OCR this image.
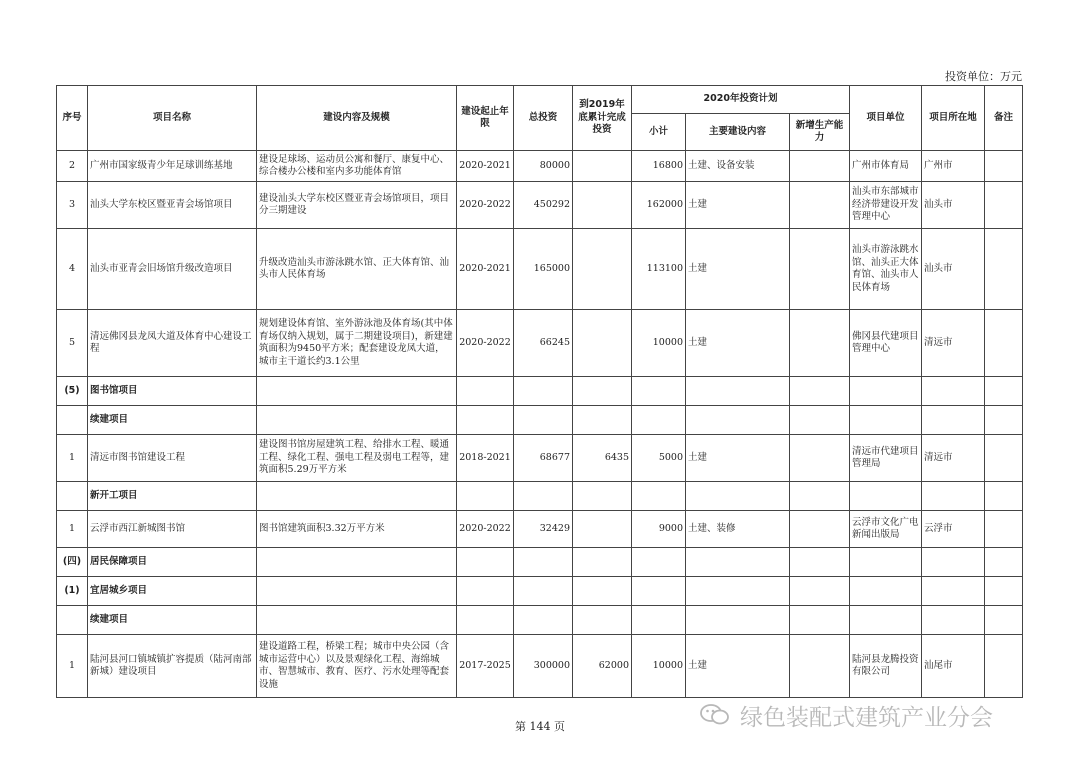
投资单位：万元
序号	项目名称	建设内容及规模	建设起止年限	总投资	到2019年底累计完成投资	2020年投资计划			项目单位	项目所在地	备注
						小计	主要建设内容	新增生产能力			
2	广州市国家级青少年足球训练基地	建设足球场、运动员公寓和餐厅、康复中心、综合楼办公楼和室内多功能体育馆	2020-2021	80000		16800	土建、设备安装		广州市体育局	广州市	
3	汕头大学东校区暨亚青会场馆项目	建设汕头大学东校区暨亚青会场馆项目，项目分三期建设	2020-2022	450292		162000	土建		汕头市东部城市经济带建设开发管理中心	汕头市	
4	汕头市亚青会旧场馆升级改造项目	升级改造汕头市游泳跳水馆、正大体育馆、汕头市人民体育场	2020-2021	165000		113100	土建		汕头市游泳跳水馆、汕头正大体育馆、汕头市人民体育场	汕头市	
5	清远佛冈县龙凤大道及体育中心建设工程	规划建设体育馆、室外游泳池及体育场(其中体育场仅纳入规划，属于二期建设项目)，新建建筑面积为9450平方米；配套建设龙凤大道，城市主干道长约3.1公里	2020-2022	66245		10000	土建		佛冈县代建项目管理中心	清远市	
(5)	图书馆项目										
	续建项目										
1	清远市图书馆建设工程	建设图书馆房屋建筑工程、给排水工程、暖通工程、绿化工程、强电工程及弱电工程等，建筑面积5.29万平方米	2018-2021	68677	6435	5000	土建		清远市代建项目管理局	清远市	
	新开工项目										
1	云浮市西江新城图书馆	图书馆建筑面积3.32万平方米	2020-2022	32429		9000	土建、装修		云浮市文化广电新闻出版局	云浮市	
(四)	居民保障项目										
(1)	宜居城乡项目										
	续建项目										
1	陆河县河口镇城镇扩容提质（陆河南部新城）建设项目	建设道路工程，桥梁工程；城市中央公园（含城市运营中心）以及景观绿化工程、海绵城市、智慧城市、教育、医疗、污水处理等配套设施	2017-2025	300000	62000	10000	土建		陆河县龙腾投资有限公司	汕尾市	
第 144 页	绿色装配式建筑产业分会
